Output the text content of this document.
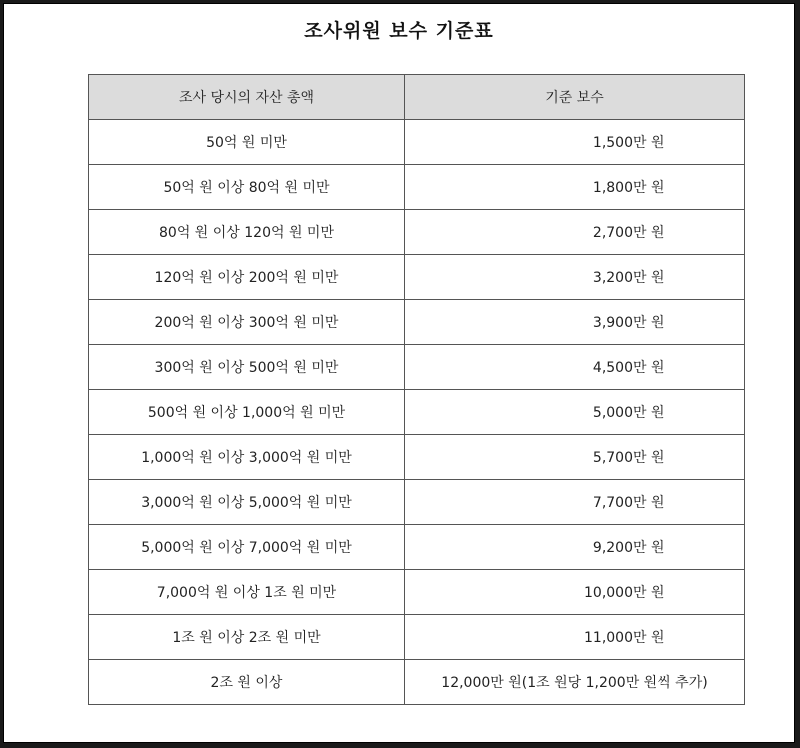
조사위원 보수 기준표
조사 당시의 자산 총액	기준 보수
50억 원 미만	1,500만 원
50억 원 이상 80억 원 미만	1,800만 원
80억 원 이상 120억 원 미만	2,700만 원
120억 원 이상 200억 원 미만	3,200만 원
200억 원 이상 300억 원 미만	3,900만 원
300억 원 이상 500억 원 미만	4,500만 원
500억 원 이상 1,000억 원 미만	5,000만 원
1,000억 원 이상 3,000억 원 미만	5,700만 원
3,000억 원 이상 5,000억 원 미만	7,700만 원
5,000억 원 이상 7,000억 원 미만	9,200만 원
7,000억 원 이상 1조 원 미만	10,000만 원
1조 원 이상 2조 원 미만	11,000만 원
2조 원 이상	12,000만 원(1조 원당 1,200만 원씩 추가)
